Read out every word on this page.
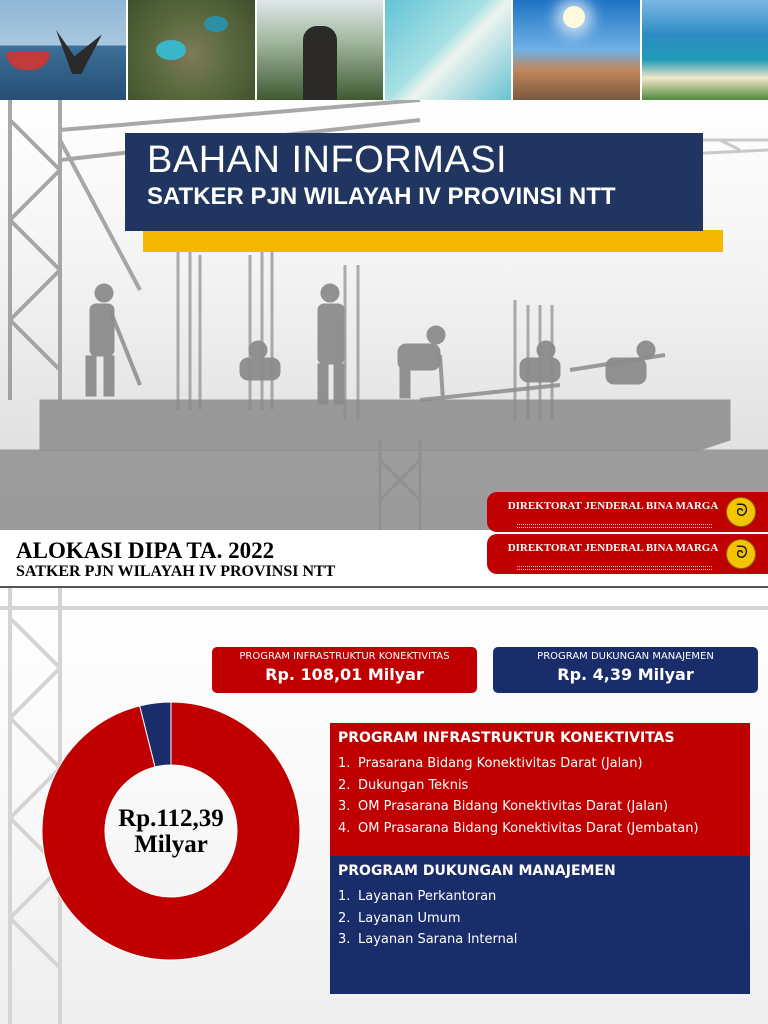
BAHAN INFORMASI
SATKER PJN WILAYAH IV PROVINSI NTT
DIREKTORAT JENDERAL BINA MARGA	ᘐ
DIREKTORAT JENDERAL BINA MARGA	ᘐ
ALOKASI DIPA TA. 2022
SATKER PJN WILAYAH IV PROVINSI NTT
PROGRAM INFRASTRUKTUR KONEKTIVITAS
Rp. 108,01 Milyar
PROGRAM DUKUNGAN MANAJEMEN
Rp. 4,39 Milyar
Rp.112,39
Milyar
PROGRAM INFRASTRUKTUR KONEKTIVITAS
1. Prasarana Bidang Konektivitas Darat (Jalan)
2. Dukungan Teknis
3. OM Prasarana Bidang Konektivitas Darat (Jalan)
4. OM Prasarana Bidang Konektivitas Darat (Jembatan)
PROGRAM DUKUNGAN MANAJEMEN
1. Layanan Perkantoran
2. Layanan Umum
3. Layanan Sarana Internal
